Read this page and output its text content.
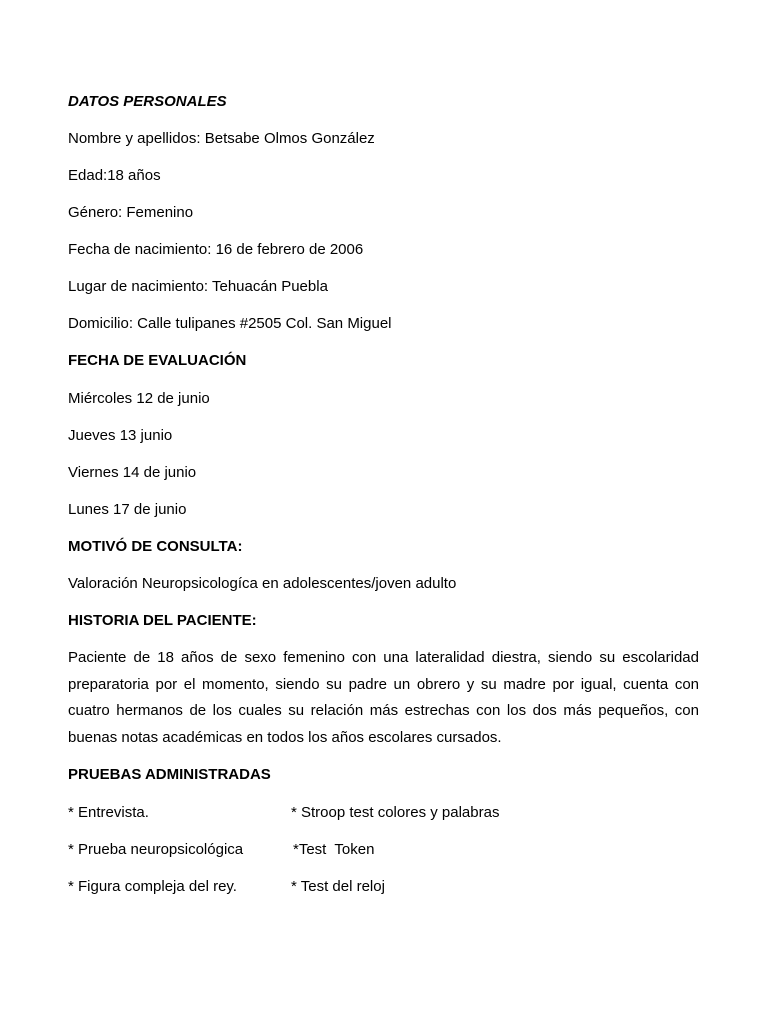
DATOS PERSONALES
Nombre y apellidos: Betsabe Olmos González
Edad:18 años
Género: Femenino
Fecha de nacimiento: 16 de febrero de 2006
Lugar de nacimiento: Tehuacán Puebla
Domicilio: Calle tulipanes #2505 Col. San Miguel
FECHA DE EVALUACIÓN
Miércoles 12 de junio
Jueves 13 junio
Viernes 14 de junio
Lunes 17 de junio
MOTIVÓ DE CONSULTA:
Valoración Neuropsicologíca en adolescentes/joven adulto
HISTORIA DEL PACIENTE:
Paciente de 18 años de sexo femenino con una lateralidad diestra, siendo su escolaridad preparatoria por el momento, siendo su padre un obrero y su madre por igual, cuenta con cuatro hermanos de los cuales su relación más estrechas con los dos más pequeños, con buenas notas académicas en todos los años escolares cursados.
PRUEBAS ADMINISTRADAS
* Entrevista.	* Stroop test colores y palabras
* Prueba neuropsicológica	*Test  Token
* Figura compleja del rey.	* Test del reloj
